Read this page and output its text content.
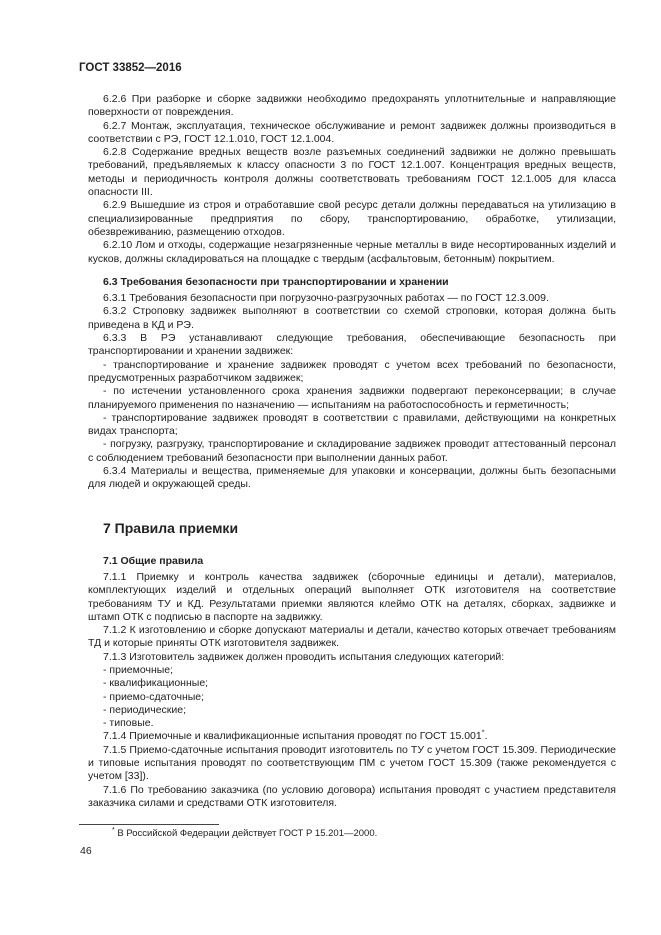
ГОСТ 33852—2016

6.2.6 При разборке и сборке задвижки необходимо предохранять уплотнительные и направляющие поверхности от повреждения.

6.2.7 Монтаж, эксплуатация, техническое обслуживание и ремонт задвижек должны производиться в соответствии с РЭ, ГОСТ 12.1.010, ГОСТ 12.1.004.

6.2.8 Содержание вредных веществ возле разъемных соединений задвижки не должно превышать требований, предъявляемых к классу опасности 3 по ГОСТ 12.1.007. Концентрация вредных веществ, методы и периодичность контроля должны соответствовать требованиям ГОСТ 12.1.005 для класса опасности III.

6.2.9 Вышедшие из строя и отработавшие свой ресурс детали должны передаваться на утилизацию в специализированные предприятия по сбору, транспортированию, обработке, утилизации, обезвреживанию, размещению отходов.

6.2.10 Лом и отходы, содержащие незагрязненные черные металлы в виде несортированных изделий и кусков, должны складироваться на площадке с твердым (асфальтовым, бетонным) покрытием.

6.3 Требования безопасности при транспортировании и хранении

6.3.1 Требования безопасности при погрузочно-разгрузочных работах — по ГОСТ 12.3.009.

6.3.2 Строповку задвижек выполняют в соответствии со схемой строповки, которая должна быть приведена в КД и РЭ.

6.3.3 В РЭ устанавливают следующие требования, обеспечивающие безопасность при транспортировании и хранении задвижек:

- транспортирование и хранение задвижек проводят с учетом всех требований по безопасности, предусмотренных разработчиком задвижек;

- по истечении установленного срока хранения задвижки подвергают переконсервации; в случае планируемого применения по назначению — испытаниям на работоспособность и герметичность;

- транспортирование задвижек проводят в соответствии с правилами, действующими на конкретных видах транспорта;

- погрузку, разгрузку, транспортирование и складирование задвижек проводит аттестованный персонал с соблюдением требований безопасности при выполнении данных работ.

6.3.4 Материалы и вещества, применяемые для упаковки и консервации, должны быть безопасными для людей и окружающей среды.

7 Правила приемки

7.1 Общие правила

7.1.1 Приемку и контроль качества задвижек (сборочные единицы и детали), материалов, комплектующих изделий и отдельных операций выполняет ОТК изготовителя на соответствие требованиям ТУ и КД. Результатами приемки являются клеймо ОТК на деталях, сборках, задвижке и штамп ОТК с подписью в паспорте на задвижку.

7.1.2 К изготовлению и сборке допускают материалы и детали, качество которых отвечает требованиям ТД и которые приняты ОТК изготовителя задвижек.

7.1.3 Изготовитель задвижек должен проводить испытания следующих категорий:

- приемочные;

- квалификационные;

- приемо-сдаточные;

- периодические;

- типовые.

7.1.4 Приемочные и квалификационные испытания проводят по ГОСТ 15.001*.

7.1.5 Приемо-сдаточные испытания проводит изготовитель по ТУ с учетом ГОСТ 15.309. Периодические и типовые испытания проводят по соответствующим ПМ с учетом ГОСТ 15.309 (также рекомендуется с учетом [33]).

7.1.6 По требованию заказчика (по условию договора) испытания проводят с участием представителя заказчика силами и средствами ОТК изготовителя.

* В Российской Федерации действует ГОСТ Р 15.201—2000.
46
